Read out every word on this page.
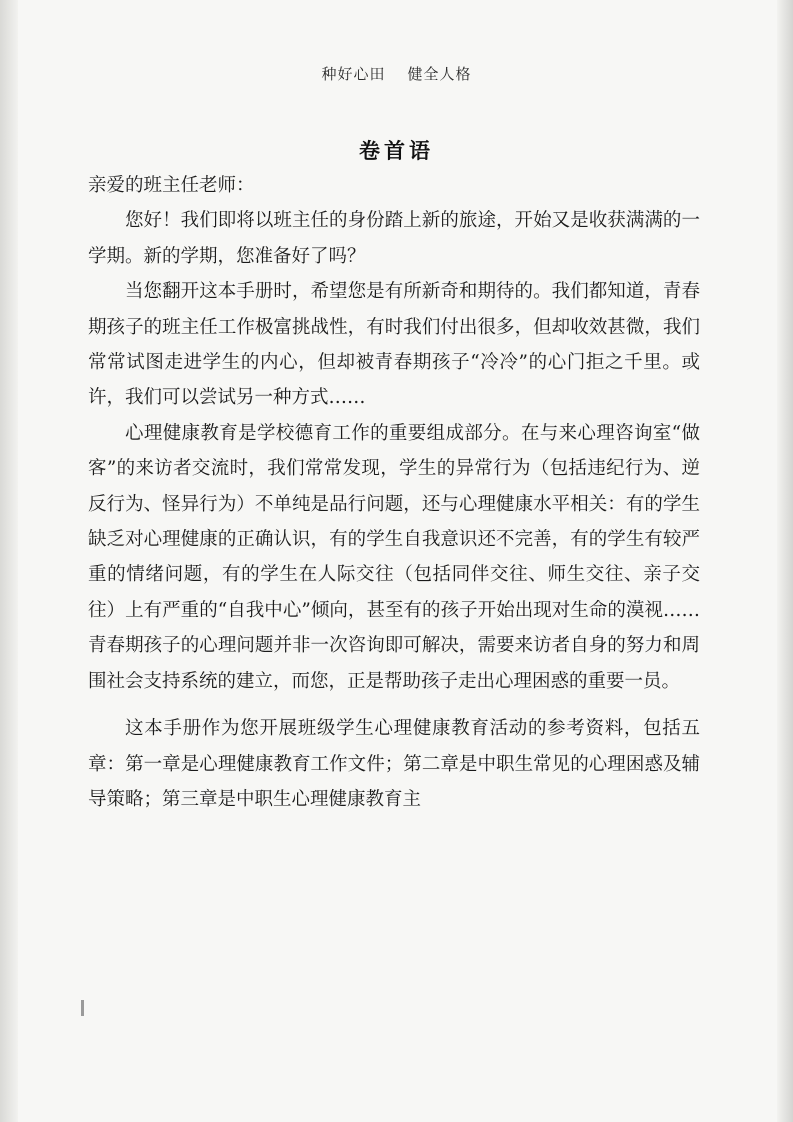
种好心田 健全人格
卷首语

亲爱的班主任老师：

您好！我们即将以班主任的身份踏上新的旅途，开始又是收获满满的一学期。新的学期，您准备好了吗？

当您翻开这本手册时，希望您是有所新奇和期待的。我们都知道，青春期孩子的班主任工作极富挑战性，有时我们付出很多，但却收效甚微，我们常常试图走进学生的内心，但却被青春期孩子“冷冷”的心门拒之千里。或许，我们可以尝试另一种方式……

心理健康教育是学校德育工作的重要组成部分。在与来心理咨询室“做客”的来访者交流时，我们常常发现，学生的异常行为（包括违纪行为、逆反行为、怪异行为）不单纯是品行问题，还与心理健康水平相关：有的学生缺乏对心理健康的正确认识，有的学生自我意识还不完善，有的学生有较严重的情绪问题，有的学生在人际交往（包括同伴交往、师生交往、亲子交往）上有严重的“自我中心”倾向，甚至有的孩子开始出现对生命的漠视……青春期孩子的心理问题并非一次咨询即可解决，需要来访者自身的努力和周围社会支持系统的建立，而您，正是帮助孩子走出心理困惑的重要一员。

这本手册作为您开展班级学生心理健康教育活动的参考资料，包括五章：第一章是心理健康教育工作文件；第二章是中职生常见的心理困惑及辅导策略；第三章是中职生心理健康教育主
